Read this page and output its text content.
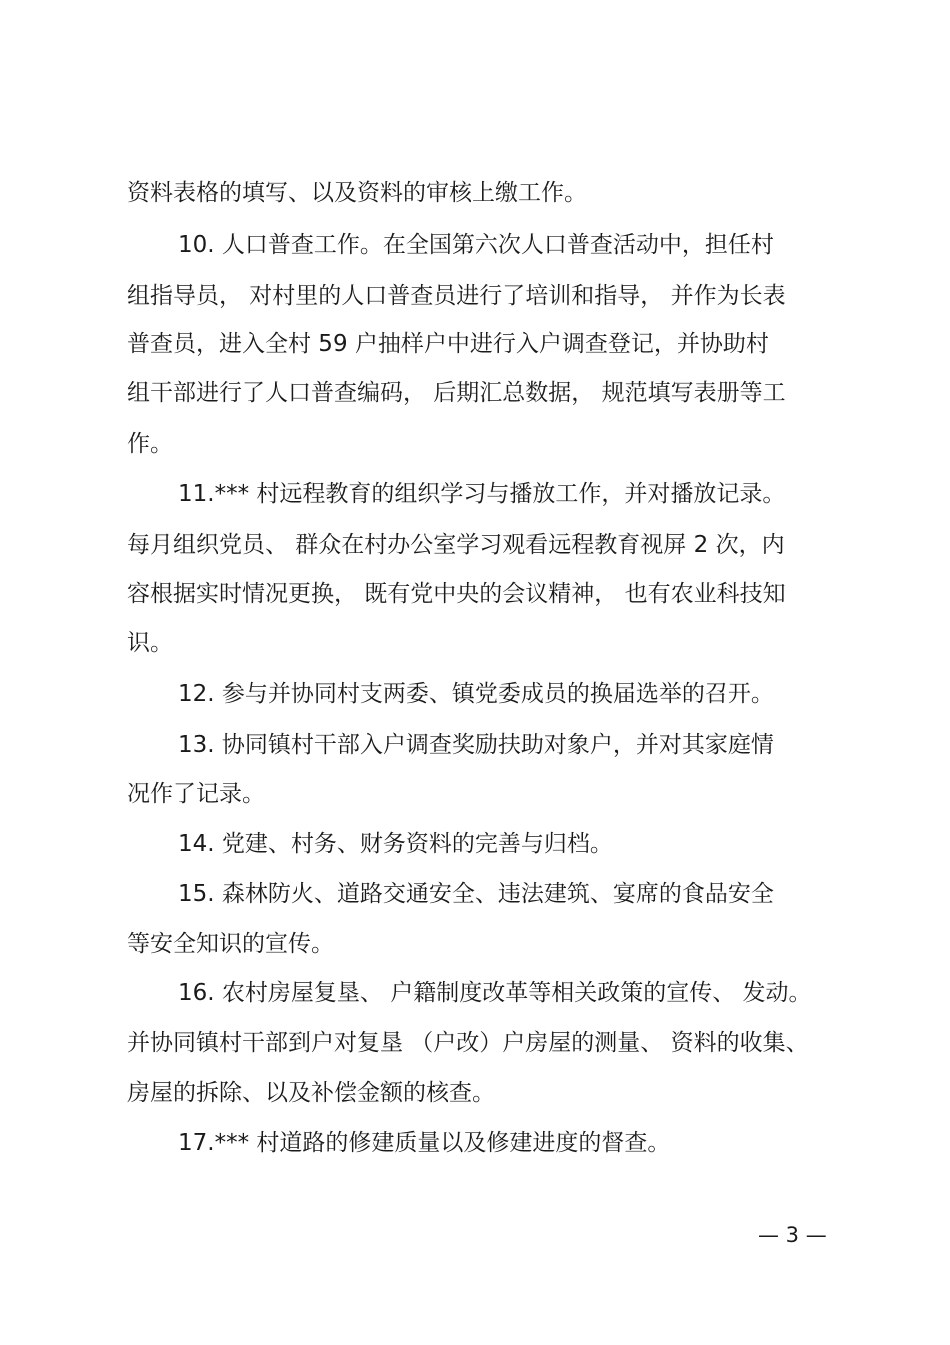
资料表格的填写、以及资料的审核上缴工作。
10. 人口普查工作。在全国第六次人口普查活动中，担任村
组指导员， 对村里的人口普查员进行了培训和指导， 并作为长表
普查员，进入全村 59 户抽样户中进行入户调查登记，并协助村
组干部进行了人口普查编码， 后期汇总数据， 规范填写表册等工
作。
11.*** 村远程教育的组织学习与播放工作，并对播放记录。
每月组织党员、 群众在村办公室学习观看远程教育视屏 2 次，内
容根据实时情况更换， 既有党中央的会议精神， 也有农业科技知
识。
12. 参与并协同村支两委、镇党委成员的换届选举的召开。
13. 协同镇村干部入户调查奖励扶助对象户，并对其家庭情
况作了记录。
14. 党建、村务、财务资料的完善与归档。
15. 森林防火、道路交通安全、违法建筑、宴席的食品安全
等安全知识的宣传。
16. 农村房屋复垦、 户籍制度改革等相关政策的宣传、 发动。
并协同镇村干部到户对复垦 （户改）户房屋的测量、 资料的收集、
房屋的拆除、以及补偿金额的核查。
17.*** 村道路的修建质量以及修建进度的督查。
— 3 —
